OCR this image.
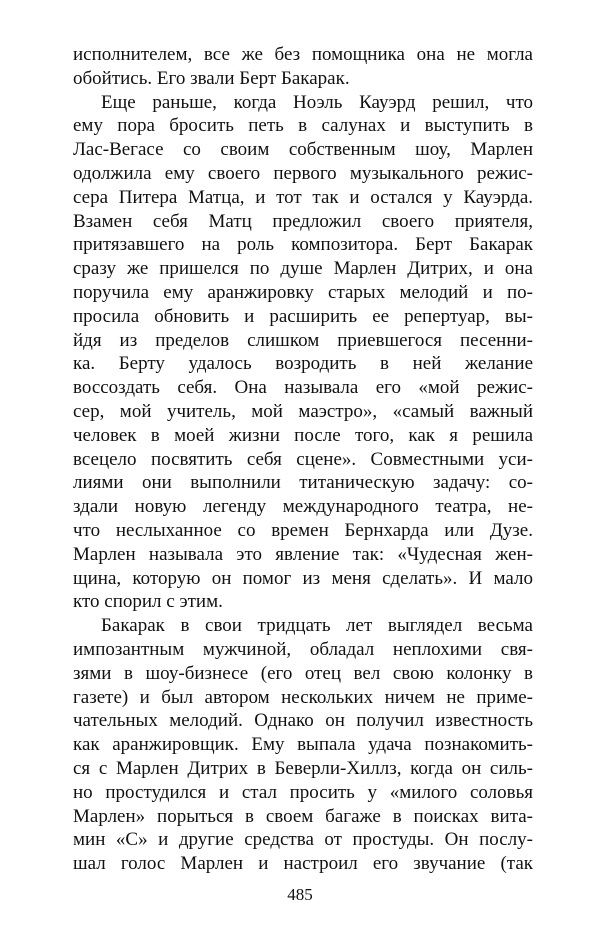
исполнителем, все же без помощника она не могла
обойтись. Его звали Берт Бакарак.
Еще раньше, когда Ноэль Кауэрд решил, что
ему пора бросить петь в салунах и выступить в
Лас-Вегасе со своим собственным шоу, Марлен
одолжила ему своего первого музыкального режис-
сера Питера Матца, и тот так и остался у Кауэрда.
Взамен себя Матц предложил своего приятеля,
притязавшего на роль композитора. Берт Бакарак
сразу же пришелся по душе Марлен Дитрих, и она
поручила ему аранжировку старых мелодий и по-
просила обновить и расширить ее репертуар, вы-
йдя из пределов слишком приевшегося песенни-
ка. Берту удалось возродить в ней желание
воссоздать себя. Она называла его «мой режис-
сер, мой учитель, мой маэстро», «самый важный
человек в моей жизни после того, как я решила
всецело посвятить себя сцене». Совместными уси-
лиями они выполнили титаническую задачу: со-
здали новую легенду международного театра, не-
что неслыханное со времен Бернхарда или Дузе.
Марлен называла это явление так: «Чудесная жен-
щина, которую он помог из меня сделать». И мало
кто спорил с этим.
Бакарак в свои тридцать лет выглядел весьма
импозантным мужчиной, обладал неплохими свя-
зями в шоу-бизнесе (его отец вел свою колонку в
газете) и был автором нескольких ничем не приме-
чательных мелодий. Однако он получил известность
как аранжировщик. Ему выпала удача познакомить-
ся с Марлен Дитрих в Беверли-Хиллз, когда он силь-
но простудился и стал просить у «милого соловья
Марлен» порыться в своем багаже в поисках вита-
мин «С» и другие средства от простуды. Он послу-
шал голос Марлен и настроил его звучание (так
485
